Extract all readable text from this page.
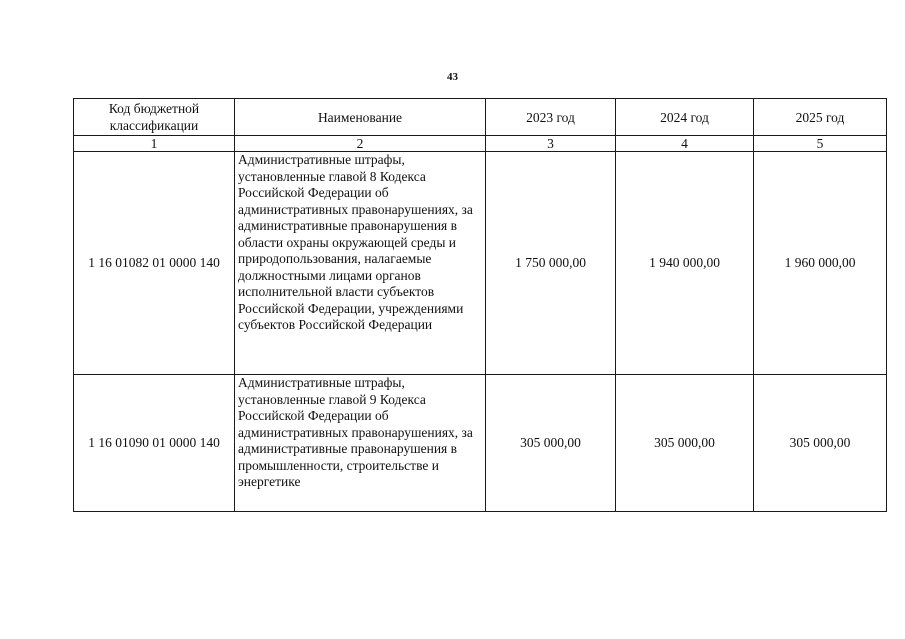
43
Код бюджетной классификации	Наименование	2023 год	2024 год	2025 год
1	2	3	4	5
1 16 01082 01 0000 140	Административные штрафы, установленные главой 8 Кодекса Российской Федерации об административных правонарушениях, за административные правонарушения в области охраны окружающей среды и природопользования, налагаемые должностными лицами органов исполнительной власти субъектов Российской Федерации, учреждениями субъектов Российской Федерации	1 750 000,00	1 940 000,00	1 960 000,00
1 16 01090 01 0000 140	Административные штрафы, установленные главой 9 Кодекса Российской Федерации об административных правонарушениях, за административные правонарушения в промышленности, строительстве и энергетике	305 000,00	305 000,00	305 000,00
